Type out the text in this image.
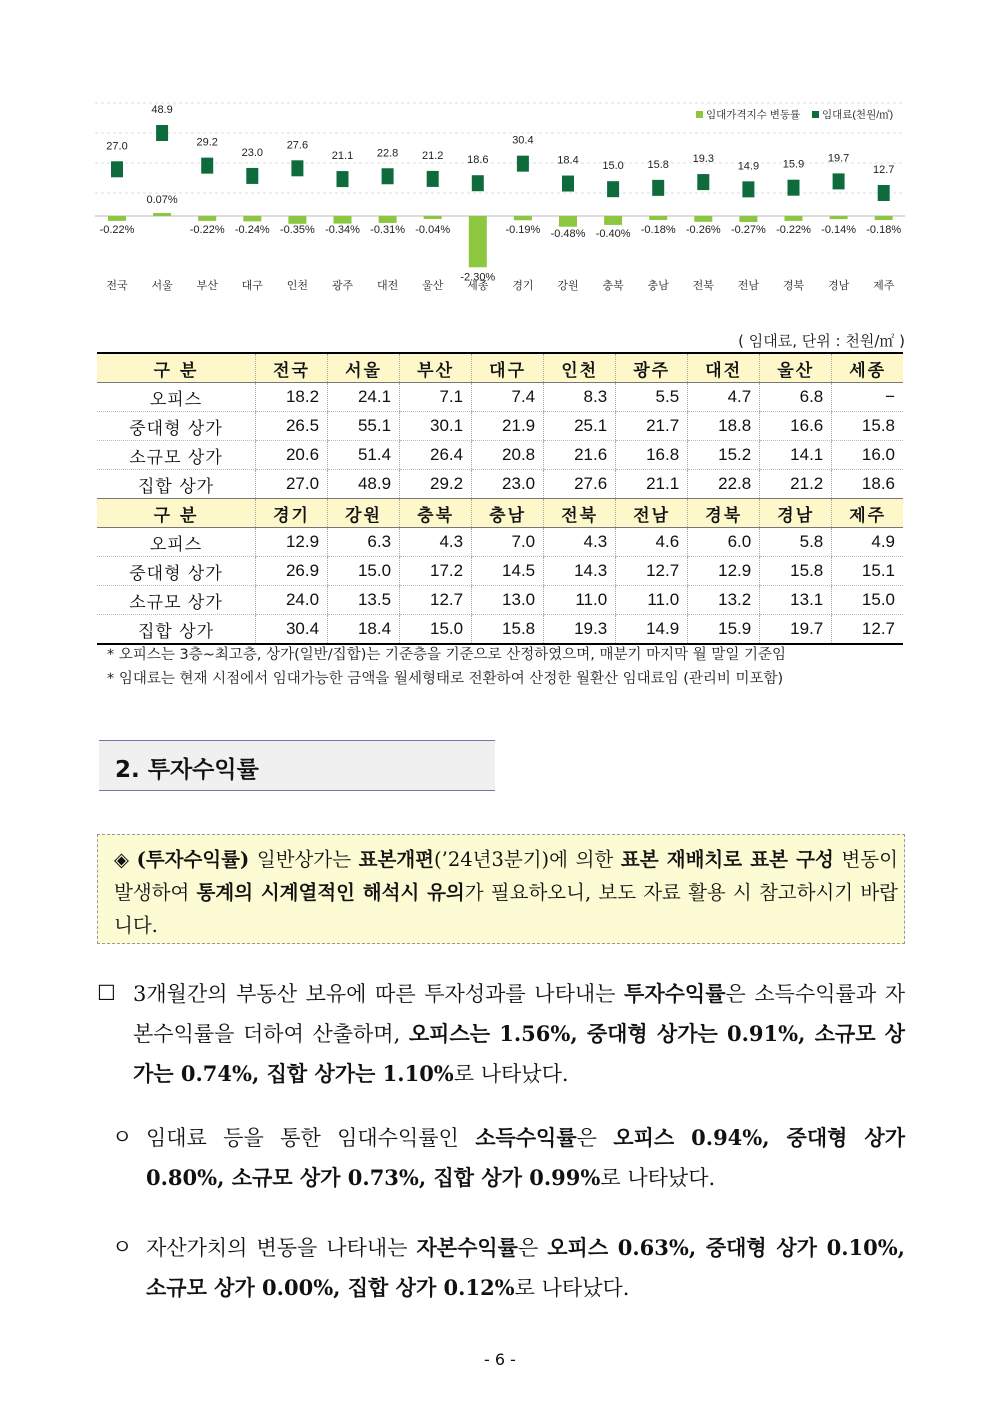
임대가격지수 변동률 임대료(천원/㎡)
-0.22%
27.0
전국
0.07%
48.9
서울
-0.22%
29.2
부산
-0.24%
23.0
대구
-0.35%
27.6
인천
-0.34%
21.1
광주
-0.31%
22.8
대전
-0.04%
21.2
울산
-2.30%
18.6
세종
-0.19%
30.4
경기
-0.48%
18.4
강원
-0.40%
15.0
충북
-0.18%
15.8
충남
-0.26%
19.3
전북
-0.27%
14.9
전남
-0.22%
15.9
경북
-0.14%
19.7
경남
-0.18%
12.7
제주
( 임대료, 단위 : 천원/㎡ )
구 분	전국	서울	부산	대구	인천	광주	대전	울산	세종
오피스	18.2	24.1	7.1	7.4	8.3	5.5	4.7	6.8	−
중대형 상가	26.5	55.1	30.1	21.9	25.1	21.7	18.8	16.6	15.8
소규모 상가	20.6	51.4	26.4	20.8	21.6	16.8	15.2	14.1	16.0
집합 상가	27.0	48.9	29.2	23.0	27.6	21.1	22.8	21.2	18.6
구 분	경기	강원	충북	충남	전북	전남	경북	경남	제주
오피스	12.9	6.3	4.3	7.0	4.3	4.6	6.0	5.8	4.9
중대형 상가	26.9	15.0	17.2	14.5	14.3	12.7	12.9	15.8	15.1
소규모 상가	24.0	13.5	12.7	13.0	11.0	11.0	13.2	13.1	15.0
집합 상가	30.4	18.4	15.0	15.8	19.3	14.9	15.9	19.7	12.7
* 오피스는 3층~최고층, 상가(일반/집합)는 기준층을 기준으로 산정하였으며, 매분기 마지막 월 말일 기준임
* 임대료는 현재 시점에서 임대가능한 금액을 월세형태로 전환하여 산정한 월환산 임대료임 (관리비 미포함)
2. 투자수익률
◈ (투자수익률) 일반상가는 표본개편(’24년3분기)에 의한 표본 재배치로 표본 구성 변동이 발생하여 통계의 시계열적인 해석시 유의가 필요하오니, 보도 자료 활용 시 참고하시기 바랍니다.
☐ 3개월간의 부동산 보유에 따른 투자성과를 나타내는 투자수익률은 소득수익률과 자본수익률을 더하여 산출하며, 오피스는 1.56%, 중대형 상가는 0.91%, 소규모 상가는 0.74%, 집합 상가는 1.10%로 나타났다.
ㅇ 임대료 등을 통한 임대수익률인 소득수익률은 오피스 0.94%, 중대형 상가 0.80%, 소규모 상가 0.73%, 집합 상가 0.99%로 나타났다.
ㅇ 자산가치의 변동을 나타내는 자본수익률은 오피스 0.63%, 중대형 상가 0.10%, 소규모 상가 0.00%, 집합 상가 0.12%로 나타났다.
- 6 -
